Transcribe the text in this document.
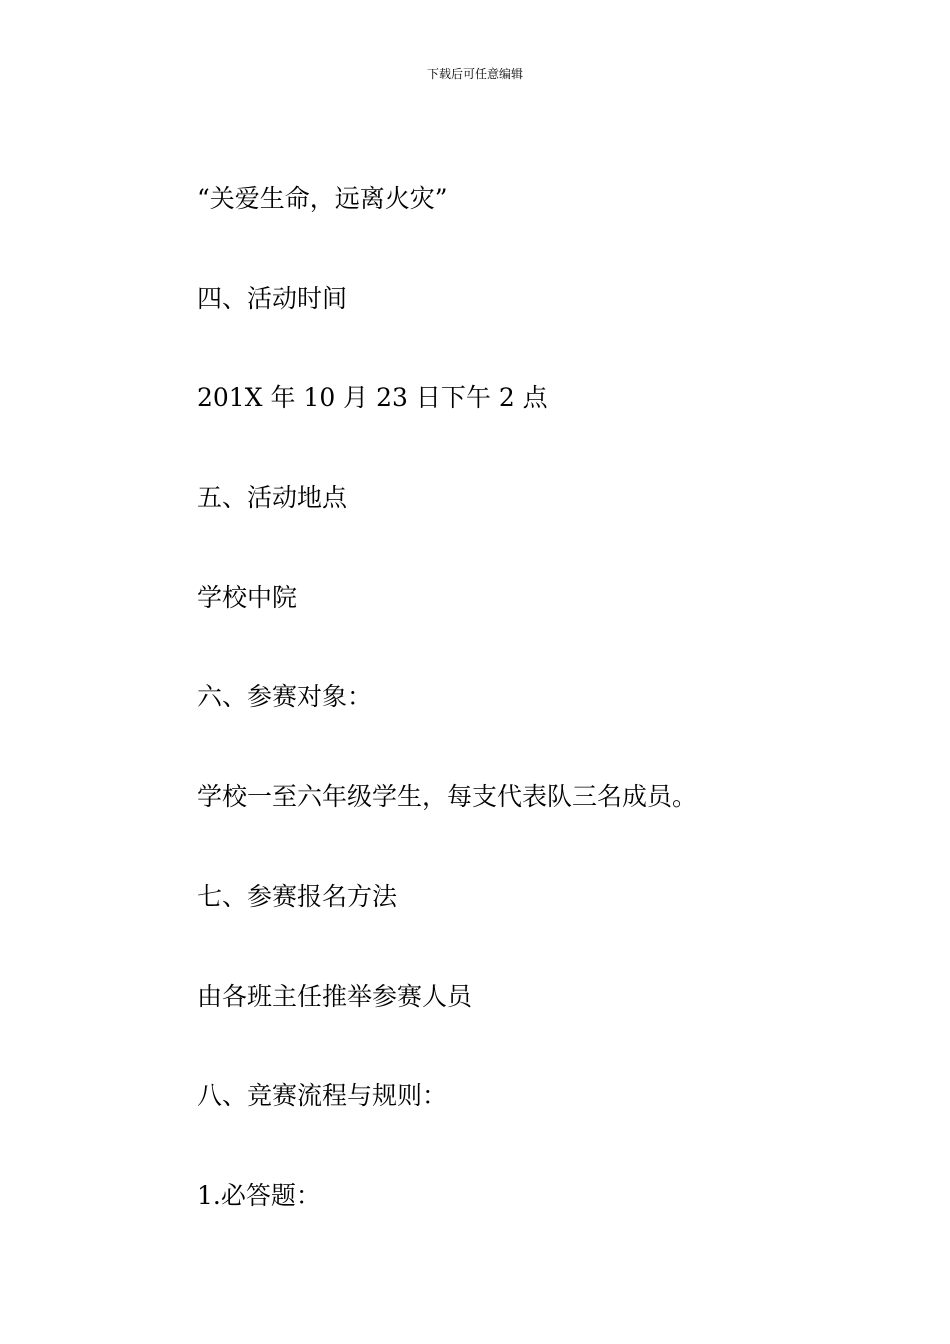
下载后可任意编辑
“关爱生命，远离火灾”
四、活动时间
201X 年 10 月 23 日下午 2 点
五、活动地点
学校中院
六、参赛对象：
学校一至六年级学生，每支代表队三名成员。
七、参赛报名方法
由各班主任推举参赛人员
八、竞赛流程与规则：
1.必答题：
